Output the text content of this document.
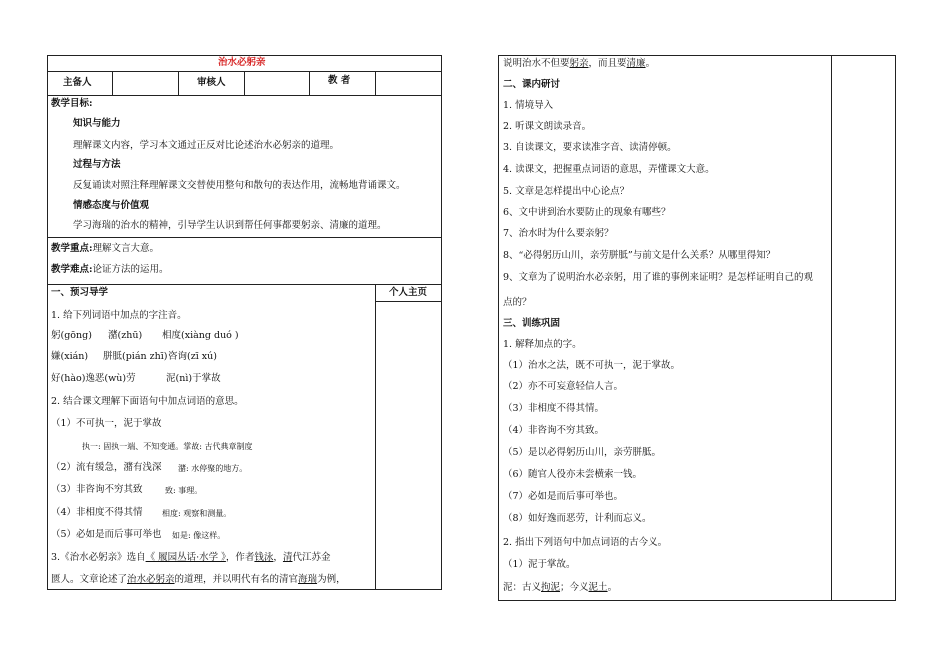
治水必躬亲
主备人	审核人	教 者
教学目标:
知识与能力
理解课文内容，学习本文通过正反对比论述治水必躬亲的道理。
过程与方法
反复诵读对照注释理解课文交替使用整句和散句的表达作用，流畅地背诵课文。
情感态度与价值观
学习海瑞的治水的精神，引导学生认识到帮任何事都要躬亲、清廉的道理。
教学重点:理解文言大意。
教学难点:论证方法的运用。
一、预习导学	个人主页
1. 给下列词语中加点的字注音。
躬(gōng) 潴(zhū) 相度(xiàng duó )
嫌(xián) 胼胝(pián zhī) 咨询(zī xú)
好(hào)逸恶(wù)劳	泥(nì)于掌故
2. 结合课文理解下面语句中加点词语的意思。
（1）不可执一，泥于掌故
执一: 固执一端、不知变通。掌故: 古代典章制度
（2）流有缓急，潴有浅深 潴: 水停聚的地方。
（3）非咨询不穷其致	致: 事理。
（4）非相度不得其情 相度: 观察和测量。
（5）必如是而后事可举也 如是: 像这样。
3.《治水必躬亲》选自《 履园丛话·水学 》，作者钱泳，清代江苏金
匮人。文章论述了治水必躬亲的道理，并以明代有名的清官海瑞为例，
说明治水不但要躬亲，而且要清廉。
二、课内研讨
1. 情境导入
2. 听课文朗读录音。
3. 自读课文，要求读准字音、读清停顿。
4. 读课文，把握重点词语的意思，弄懂课文大意。
5. 文章是怎样提出中心论点？
6、文中讲到治水要防止的现象有哪些？
7、治水时为什么要亲躬？
8、“必得躬历山川，亲劳胼胝”与前文是什么关系？从哪里得知？
9、文章为了说明治水必亲躬，用了谁的事例来证明？是怎样证明自己的观
点的？
三、训练巩固
1. 解释加点的字。
（1）治水之法，既不可执一，泥于掌故。
（2）亦不可妄意轻信人言。
（3）非相度不得其情。
（4）非咨询不穷其致。
（5）是以必得躬历山川，亲劳胼胝。
（6）随官人役亦未尝横索一钱。
（7）必如是而后事可举也。
（8）如好逸而恶劳，计利而忘义。
2. 指出下列语句中加点词语的古今义。
（1）泥于掌故。
泥：古义拘泥；今义泥土。
